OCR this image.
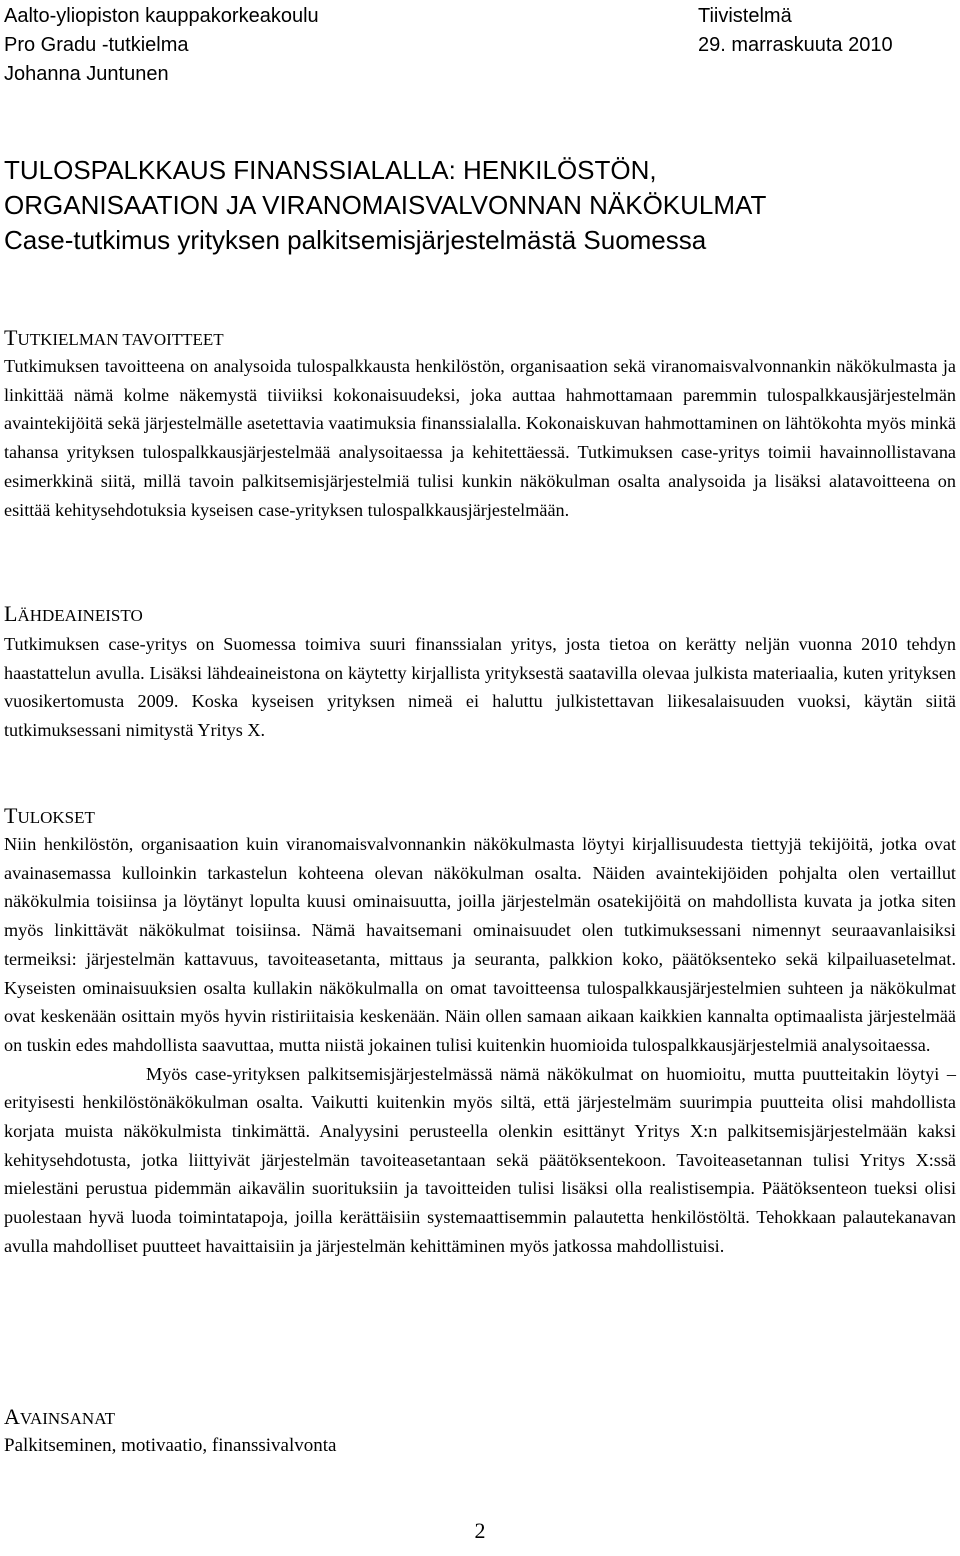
Aalto-yliopiston kauppakorkeakoulu	Tiivistelmä
Pro Gradu -tutkielma	29. marraskuuta 2010
Johanna Juntunen
TULOSPALKKAUS FINANSSIALALLA: HENKILÖSTÖN,
ORGANISAATION JA VIRANOMAISVALVONNAN NÄKÖKULMAT
Case-tutkimus yrityksen palkitsemisjärjestelmästä Suomessa
TUTKIELMAN TAVOITTEET

Tutkimuksen tavoitteena on analysoida tulospalkkausta henkilöstön, organisaation sekä viranomaisvalvonnankin näkökulmasta ja linkittää nämä kolme näkemystä tiiviiksi kokonaisuudeksi, joka auttaa hahmottamaan paremmin tulospalkkausjärjestelmän avaintekijöitä sekä järjestelmälle asetettavia vaatimuksia finanssialalla. Kokonaiskuvan hahmottaminen on lähtökohta myös minkä tahansa yrityksen tulospalkkausjärjestelmää analysoitaessa ja kehitettäessä. Tutkimuksen case-yritys toimii havainnollistavana esimerkkinä siitä, millä tavoin palkitsemisjärjestelmiä tulisi kunkin näkökulman osalta analysoida ja lisäksi alatavoitteena on esittää kehitysehdotuksia kyseisen case-yrityksen tulospalkkausjärjestelmään.

LÄHDEAINEISTO

Tutkimuksen case-yritys on Suomessa toimiva suuri finanssialan yritys, josta tietoa on kerätty neljän vuonna 2010 tehdyn haastattelun avulla. Lisäksi lähdeaineistona on käytetty kirjallista yrityksestä saatavilla olevaa julkista materiaalia, kuten yrityksen vuosikertomusta 2009. Koska kyseisen yrityksen nimeä ei haluttu julkistettavan liikesalaisuuden vuoksi, käytän siitä tutkimuksessani nimitystä Yritys X.

TULOKSET

Niin henkilöstön, organisaation kuin viranomaisvalvonnankin näkökulmasta löytyi kirjallisuudesta tiettyjä tekijöitä, jotka ovat avainasemassa kulloinkin tarkastelun kohteena olevan näkökulman osalta. Näiden avaintekijöiden pohjalta olen vertaillut näkökulmia toisiinsa ja löytänyt lopulta kuusi ominaisuutta, joilla järjestelmän osatekijöitä on mahdollista kuvata ja jotka siten myös linkittävät näkökulmat toisiinsa. Nämä havaitsemani ominaisuudet olen tutkimuksessani nimennyt seuraavanlaisiksi termeiksi: järjestelmän kattavuus, tavoiteasetanta, mittaus ja seuranta, palkkion koko, päätöksenteko sekä kilpailuasetelmat. Kyseisten ominaisuuksien osalta kullakin näkökulmalla on omat tavoitteensa tulospalkkausjärjestelmien suhteen ja näkökulmat ovat keskenään osittain myös hyvin ristiriitaisia keskenään. Näin ollen samaan aikaan kaikkien kannalta optimaalista järjestelmää on tuskin edes mahdollista saavuttaa, mutta niistä jokainen tulisi kuitenkin huomioida tulospalkkausjärjestelmiä analysoitaessa.

Myös case-yrityksen palkitsemisjärjestelmässä nämä näkökulmat on huomioitu, mutta puutteitakin löytyi – erityisesti henkilöstönäkökulman osalta. Vaikutti kuitenkin myös siltä, että järjestelmäm suurimpia puutteita olisi mahdollista korjata muista näkökulmista tinkimättä. Analyysini perusteella olenkin esittänyt Yritys X:n palkitsemisjärjestelmään kaksi kehitysehdotusta, jotka liittyivät järjestelmän tavoiteasetantaan sekä päätöksentekoon. Tavoiteasetannan tulisi Yritys X:ssä mielestäni perustua pidemmän aikavälin suorituksiin ja tavoitteiden tulisi lisäksi olla realistisempia. Päätöksenteon tueksi olisi puolestaan hyvä luoda toimintatapoja, joilla kerättäisiin systemaattisemmin palautetta henkilöstöltä. Tehokkaan palautekanavan avulla mahdolliset puutteet havaittaisiin ja järjestelmän kehittäminen myös jatkossa mahdollistuisi.

AVAINSANAT
Palkitseminen, motivaatio, finanssivalvonta
2
